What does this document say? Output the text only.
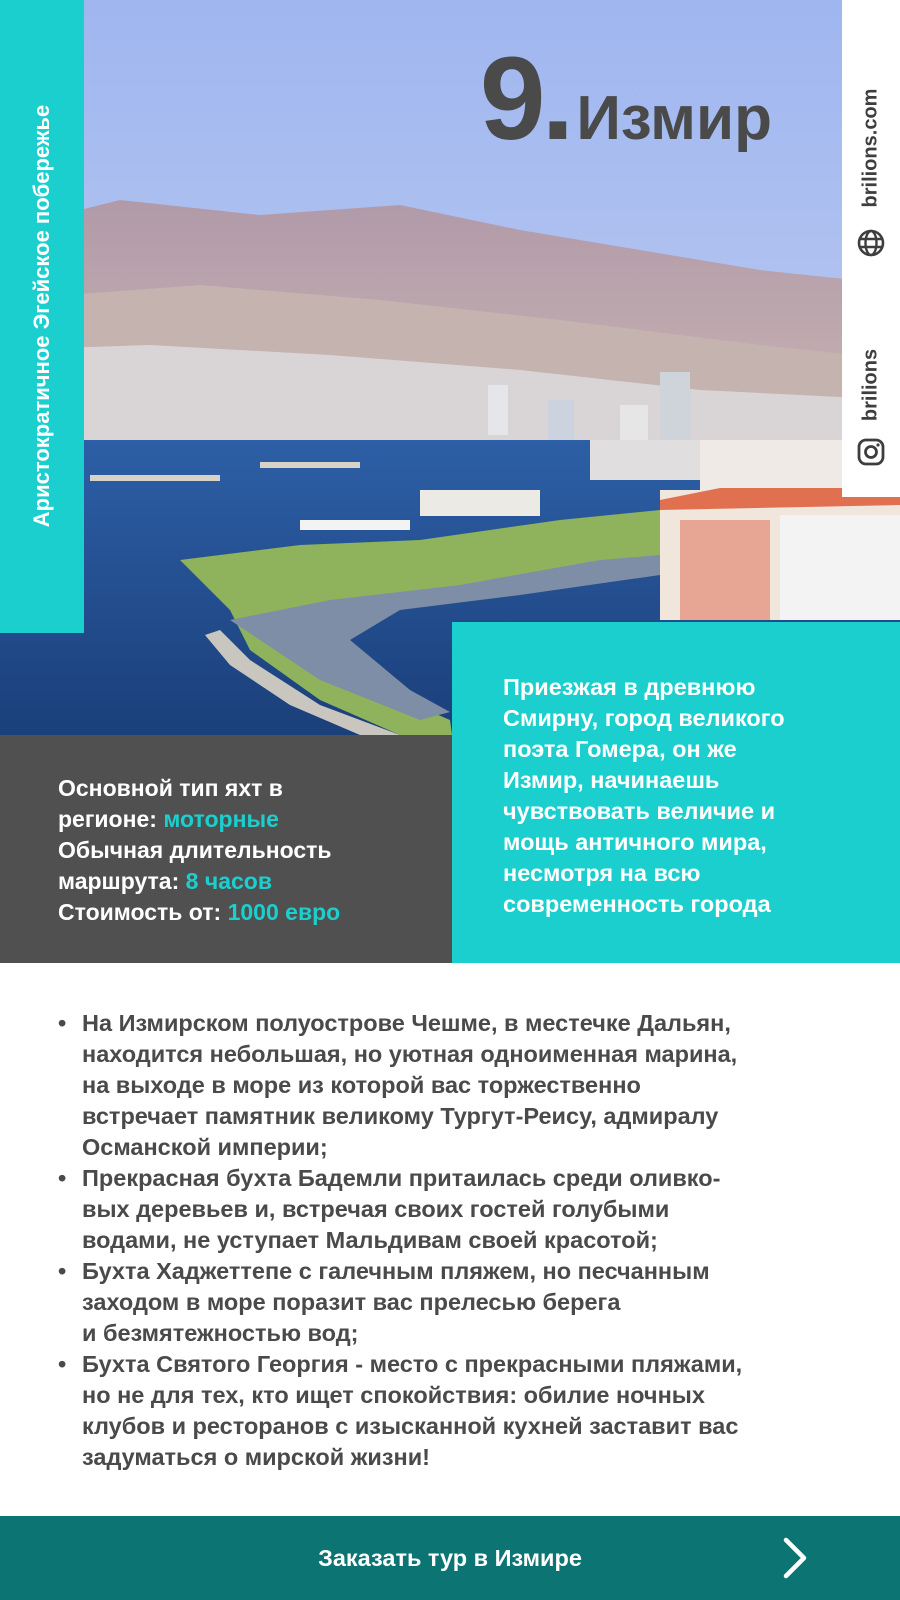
9 . Измир
Аристократичное Эгейское побережье	brilions.com
brilions
Основной тип яхт в
регионе: моторные
Обычная длительность
маршрута: 8 часов
Стоимость от: 1000 евро
Приезжая в древнюю
Смирну, город великого
поэта Гомера, он же
Измир, начинаешь
чувствовать величие и
мощь античного мира,
несмотря на всю
современность города
• На Измирском полуострове Чешме, в местечке Дальян,
находится небольшая, но уютная одноименная марина,
на выходе в море из которой вас торжественно
встречает памятник великому Тургут-Реису, адмиралу
Османской империи;
• Прекрасная бухта Бадемли притаилась среди оливко-
вых деревьев и, встречая своих гостей голубыми
водами, не уступает Мальдивам своей красотой;
• Бухта Хаджеттепе с галечным пляжем, но песчанным
заходом в море поразит вас прелесью берега
и безмятежностью вод;
• Бухта Святого Георгия - место с прекрасными пляжами,
но не для тех, кто ищет спокойствия: обилие ночных
клубов и ресторанов с изысканной кухней заставит вас
задуматься о мирской жизни!
Заказать тур в Измире
